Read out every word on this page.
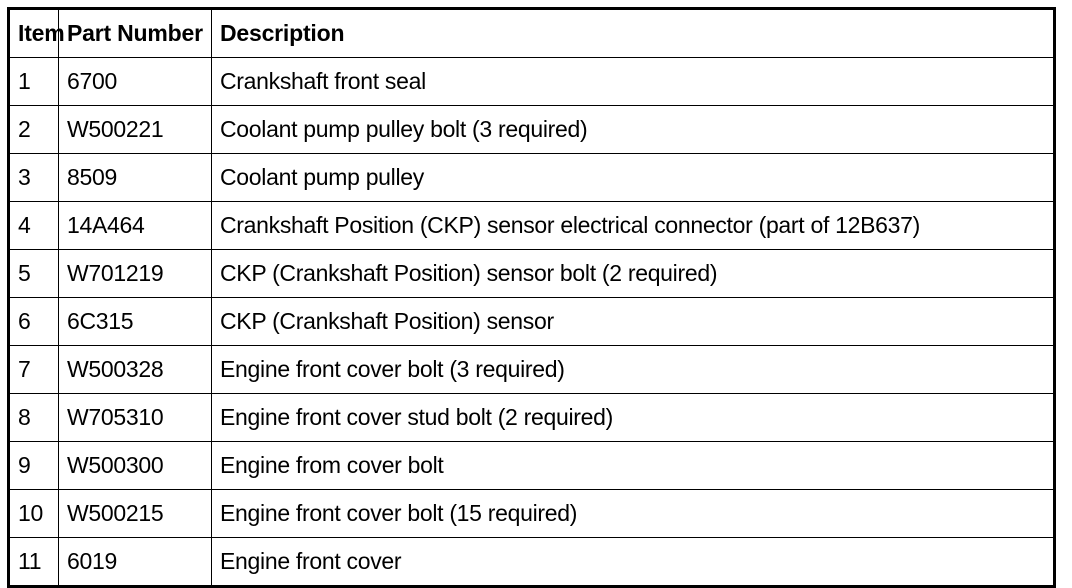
Item	Part Number	Description
1	6700	Crankshaft front seal
2	W500221	Coolant pump pulley bolt (3 required)
3	8509	Coolant pump pulley
4	14A464	Crankshaft Position (CKP) sensor electrical connector (part of 12B637)
5	W701219	CKP (Crankshaft Position) sensor bolt (2 required)
6	6C315	CKP (Crankshaft Position) sensor
7	W500328	Engine front cover bolt (3 required)
8	W705310	Engine front cover stud bolt (2 required)
9	W500300	Engine from cover bolt
10	W500215	Engine front cover bolt (15 required)
11	6019	Engine front cover
